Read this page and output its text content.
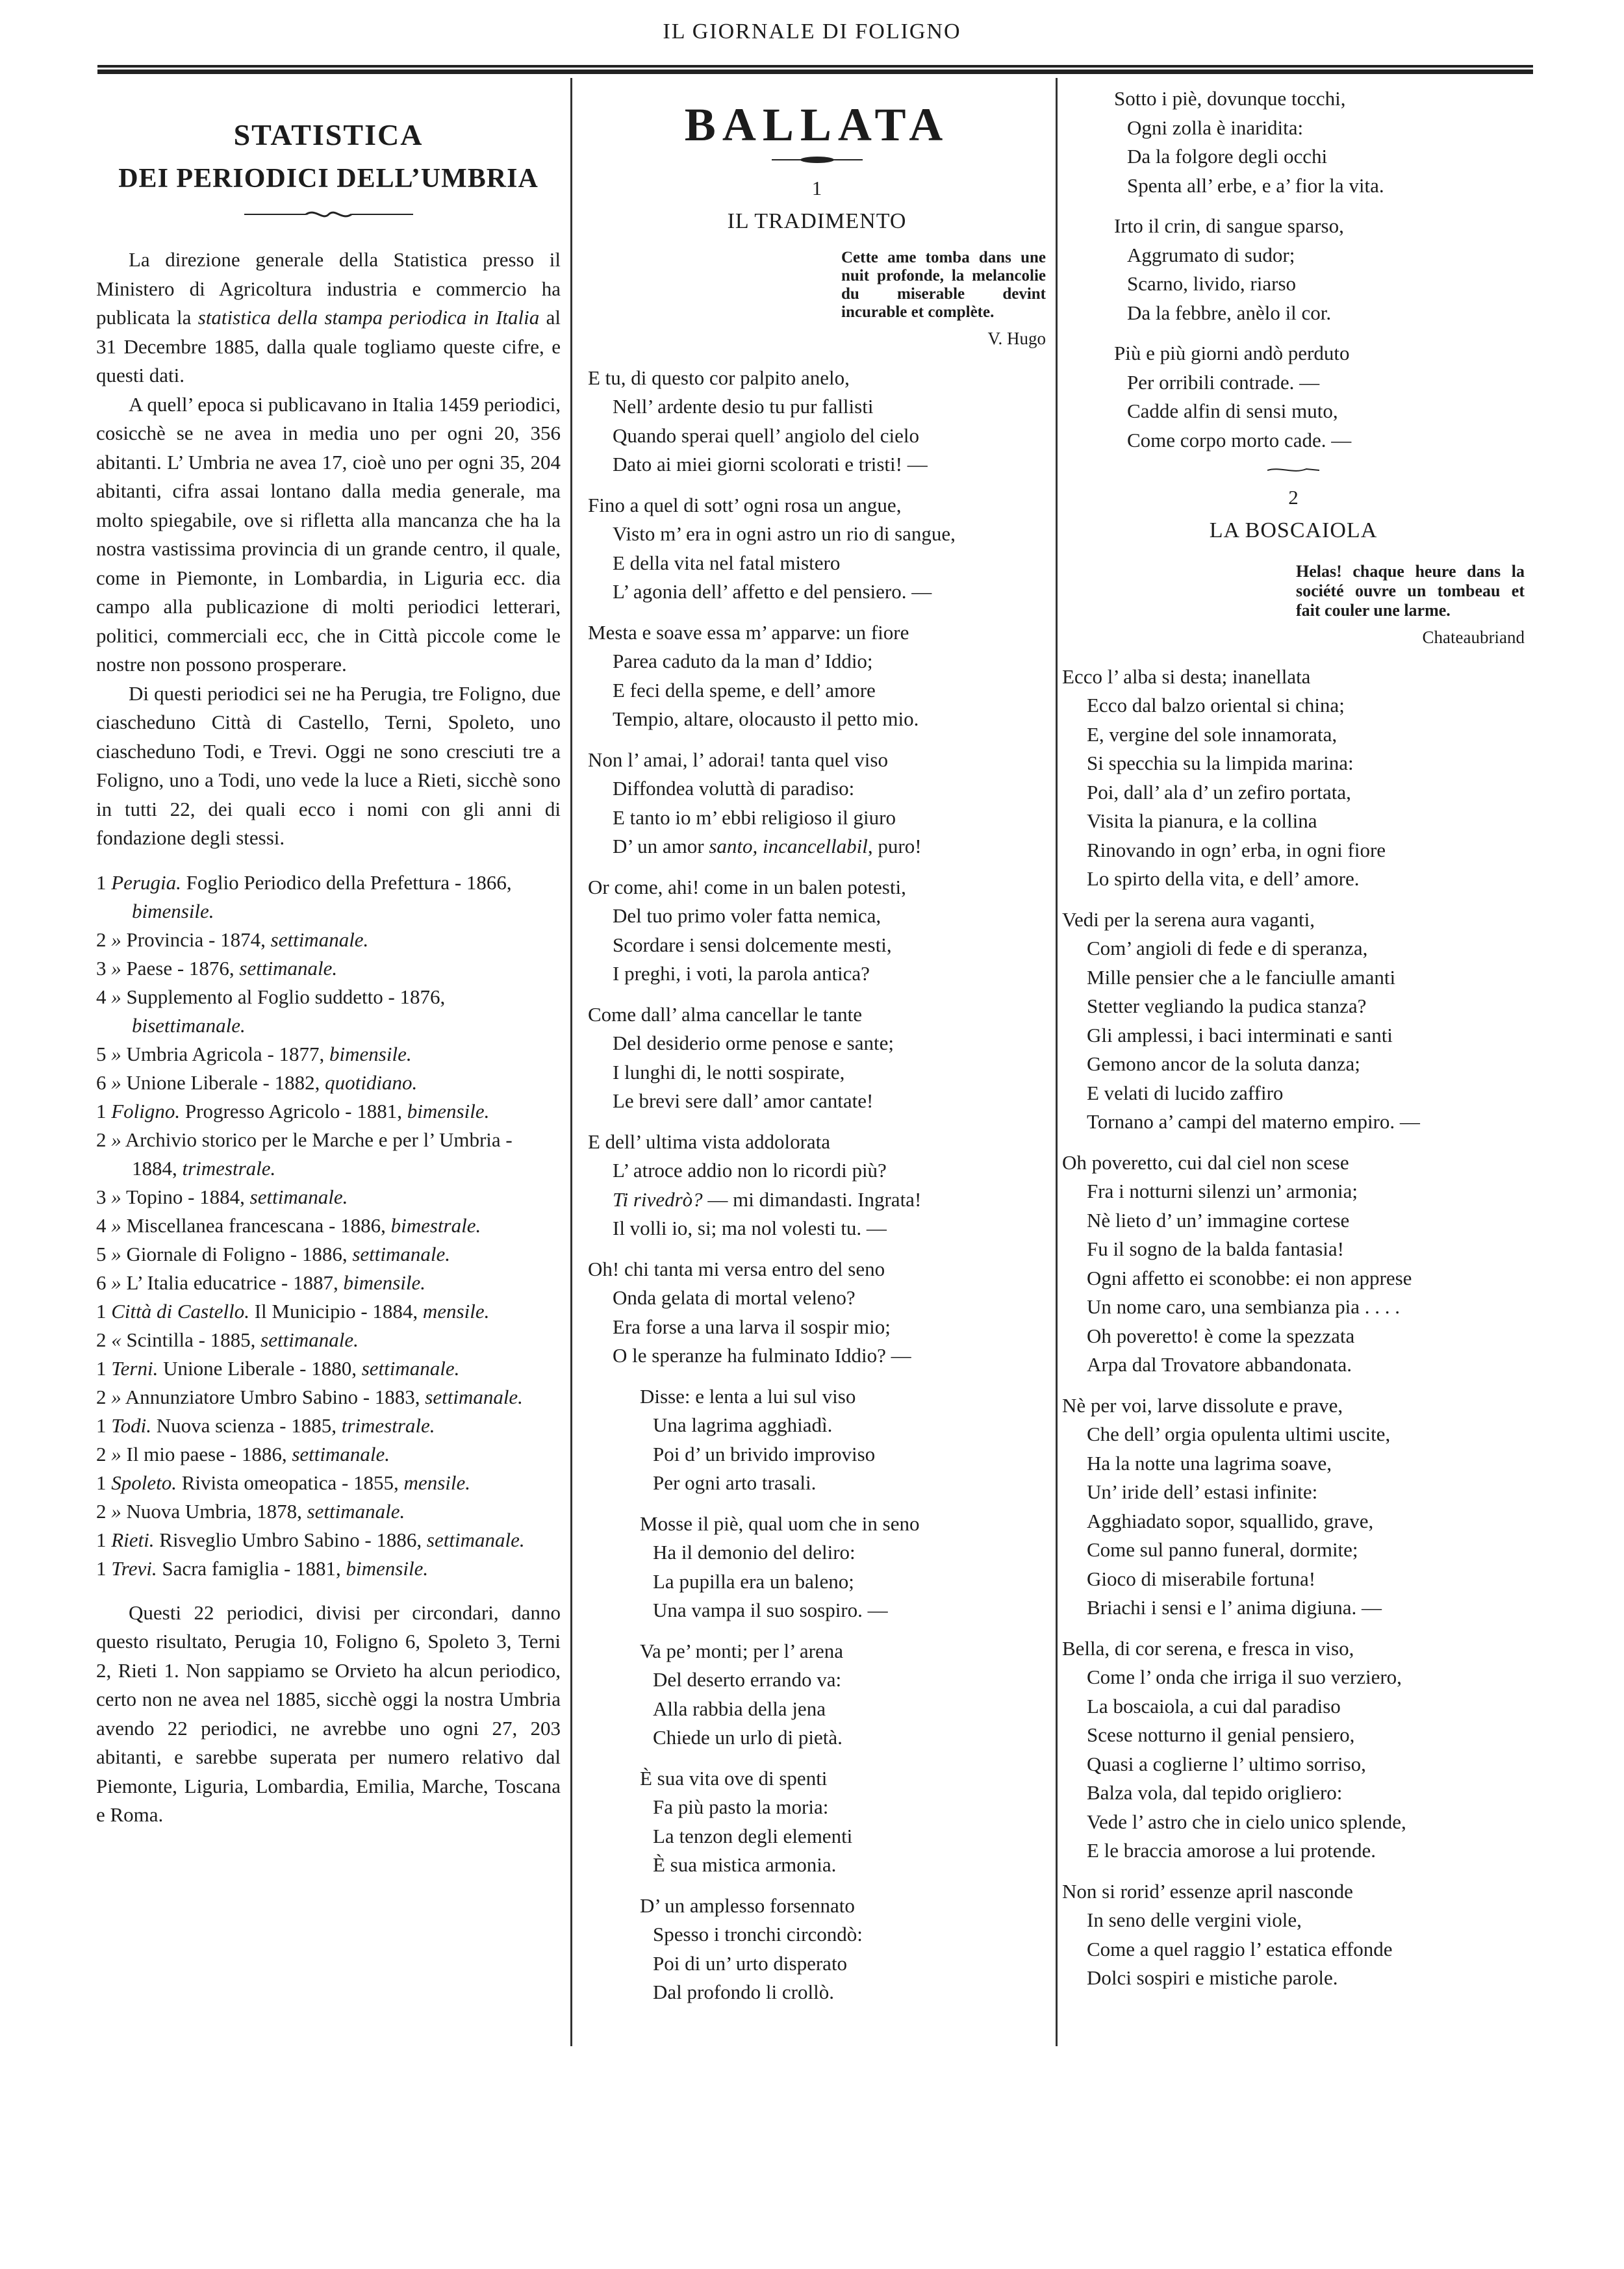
IL GIORNALE DI FOLIGNO
STATISTICA
DEI PERIODICI DELL’UMBRIA

La direzione generale della Statistica presso il Ministero di Agricoltura industria e commercio ha publicata la statistica della stampa periodica in Italia al 31 Decembre 1885, dalla quale togliamo queste cifre, e questi dati.

A quell’ epoca si publicavano in Italia 1459 periodici, cosicchè se ne avea in media uno per ogni 20, 356 abitanti. L’ Umbria ne avea 17, cioè uno per ogni 35, 204 abitanti, cifra assai lontano dalla media generale, ma molto spiegabile, ove si rifletta alla mancanza che ha la nostra vastissima provincia di un grande centro, il quale, come in Piemonte, in Lombardia, in Liguria ecc. dia campo alla publicazione di molti periodici letterari, politici, commerciali ecc, che in Città piccole come le nostre non possono prosperare.

Di questi periodici sei ne ha Perugia, tre Foligno, due ciascheduno Città di Castello, Terni, Spoleto, uno ciascheduno Todi, e Trevi. Oggi ne sono cresciuti tre a Foligno, uno a Todi, uno vede la luce a Rieti, sicchè sono in tutti 22, dei quali ecco i nomi con gli anni di fondazione degli stessi.

1 Perugia. Foglio Periodico della Prefettura - 1866, bimensile.

2 » Provincia - 1874, settimanale.

3 » Paese - 1876, settimanale.

4 » Supplemento al Foglio suddetto - 1876, bisettimanale.

5 » Umbria Agricola - 1877, bimensile.

6 » Unione Liberale - 1882, quotidiano.

1 Foligno. Progresso Agricolo - 1881, bimensile.

2 » Archivio storico per le Marche e per l’ Umbria - 1884, trimestrale.

3 » Topino - 1884, settimanale.

4 » Miscellanea francescana - 1886, bimestrale.

5 » Giornale di Foligno - 1886, settimanale.

6 » L’ Italia educatrice - 1887, bimensile.

1 Città di Castello. Il Municipio - 1884, mensile.

2 « Scintilla - 1885, settimanale.

1 Terni. Unione Liberale - 1880, settimanale.

2 » Annunziatore Umbro Sabino - 1883, settimanale.

1 Todi. Nuova scienza - 1885, trimestrale.

2 » Il mio paese - 1886, settimanale.

1 Spoleto. Rivista omeopatica - 1855, mensile.

2 » Nuova Umbria, 1878, settimanale.

1 Rieti. Risveglio Umbro Sabino - 1886, settimanale.

1 Trevi. Sacra famiglia - 1881, bimensile.

Questi 22 periodici, divisi per circondari, danno questo risultato, Perugia 10, Foligno 6, Spoleto 3, Terni 2, Rieti 1. Non sappiamo se Orvieto ha alcun periodico, certo non ne avea nel 1885, sicchè oggi la nostra Umbria avendo 22 periodici, ne avrebbe uno ogni 27, 203 abitanti, e sarebbe superata per numero relativo dal Piemonte, Liguria, Lombardia, Emilia, Marche, Toscana e Roma.

BALLATA
1
IL TRADIMENTO
Cette ame tomba dans une nuit profonde, la melancolie du miserable devint incurable et complète.
V. Hugo

E tu, di questo cor palpito anelo,

Nell’ ardente desio tu pur fallisti

Quando sperai quell’ angiolo del cielo

Dato ai miei giorni scolorati e tristi! —

Fino a quel di sott’ ogni rosa un angue,

Visto m’ era in ogni astro un rio di sangue,

E della vita nel fatal mistero

L’ agonia dell’ affetto e del pensiero. —

Mesta e soave essa m’ apparve: un fiore

Parea caduto da la man d’ Iddio;

E feci della speme, e dell’ amore

Tempio, altare, olocausto il petto mio.

Non l’ amai, l’ adorai! tanta quel viso

Diffondea voluttà di paradiso:

E tanto io m’ ebbi religioso il giuro

D’ un amor santo, incancellabil, puro!

Or come, ahi! come in un balen potesti,

Del tuo primo voler fatta nemica,

Scordare i sensi dolcemente mesti,

I preghi, i voti, la parola antica?

Come dall’ alma cancellar le tante

Del desiderio orme penose e sante;

I lunghi di, le notti sospirate,

Le brevi sere dall’ amor cantate!

E dell’ ultima vista addolorata

L’ atroce addio non lo ricordi più?

Ti rivedrò? — mi dimandasti. Ingrata!

Il volli io, si; ma nol volesti tu. —

Oh! chi tanta mi versa entro del seno

Onda gelata di mortal veleno?

Era forse a una larva il sospir mio;

O le speranze ha fulminato Iddio? —

Disse: e lenta a lui sul viso

Una lagrima agghiadì.

Poi d’ un brivido improviso

Per ogni arto trasali.

Mosse il piè, qual uom che in seno

Ha il demonio del deliro:

La pupilla era un baleno;

Una vampa il suo sospiro. —

Va pe’ monti; per l’ arena

Del deserto errando va:

Alla rabbia della jena

Chiede un urlo di pietà.

È sua vita ove di spenti

Fa più pasto la moria:

La tenzon degli elementi

È sua mistica armonia.

D’ un amplesso forsennato

Spesso i tronchi circondò:

Poi di un’ urto disperato

Dal profondo li crollò.

Sotto i piè, dovunque tocchi,

Ogni zolla è inaridita:

Da la folgore degli occhi

Spenta all’ erbe, e a’ fior la vita.

Irto il crin, di sangue sparso,

Aggrumato di sudor;

Scarno, livido, riarso

Da la febbre, anèlo il cor.

Più e più giorni andò perduto

Per orribili contrade. —

Cadde alfin di sensi muto,

Come corpo morto cade. —

2
LA BOSCAIOLA
Helas! chaque heure dans la société ouvre un tombeau et fait couler une larme.
Chateaubriand

Ecco l’ alba si desta; inanellata

Ecco dal balzo oriental si china;

E, vergine del sole innamorata,

Si specchia su la limpida marina:

Poi, dall’ ala d’ un zefiro portata,

Visita la pianura, e la collina

Rinovando in ogn’ erba, in ogni fiore

Lo spirto della vita, e dell’ amore.

Vedi per la serena aura vaganti,

Com’ angioli di fede e di speranza,

Mille pensier che a le fanciulle amanti

Stetter vegliando la pudica stanza?

Gli amplessi, i baci interminati e santi

Gemono ancor de la soluta danza;

E velati di lucido zaffiro

Tornano a’ campi del materno empiro. —

Oh poveretto, cui dal ciel non scese

Fra i notturni silenzi un’ armonia;

Nè lieto d’ un’ immagine cortese

Fu il sogno de la balda fantasia!

Ogni affetto ei sconobbe: ei non apprese

Un nome caro, una sembianza pia . . . .

Oh poveretto! è come la spezzata

Arpa dal Trovatore abbandonata.

Nè per voi, larve dissolute e prave,

Che dell’ orgia opulenta ultimi uscite,

Ha la notte una lagrima soave,

Un’ iride dell’ estasi infinite:

Agghiadato sopor, squallido, grave,

Come sul panno funeral, dormite;

Gioco di miserabile fortuna!

Briachi i sensi e l’ anima digiuna. —

Bella, di cor serena, e fresca in viso,

Come l’ onda che irriga il suo verziero,

La boscaiola, a cui dal paradiso

Scese notturno il genial pensiero,

Quasi a coglierne l’ ultimo sorriso,

Balza vola, dal tepido origliero:

Vede l’ astro che in cielo unico splende,

E le braccia amorose a lui protende.

Non si rorid’ essenze april nasconde

In seno delle vergini viole,

Come a quel raggio l’ estatica effonde

Dolci sospiri e mistiche parole.
